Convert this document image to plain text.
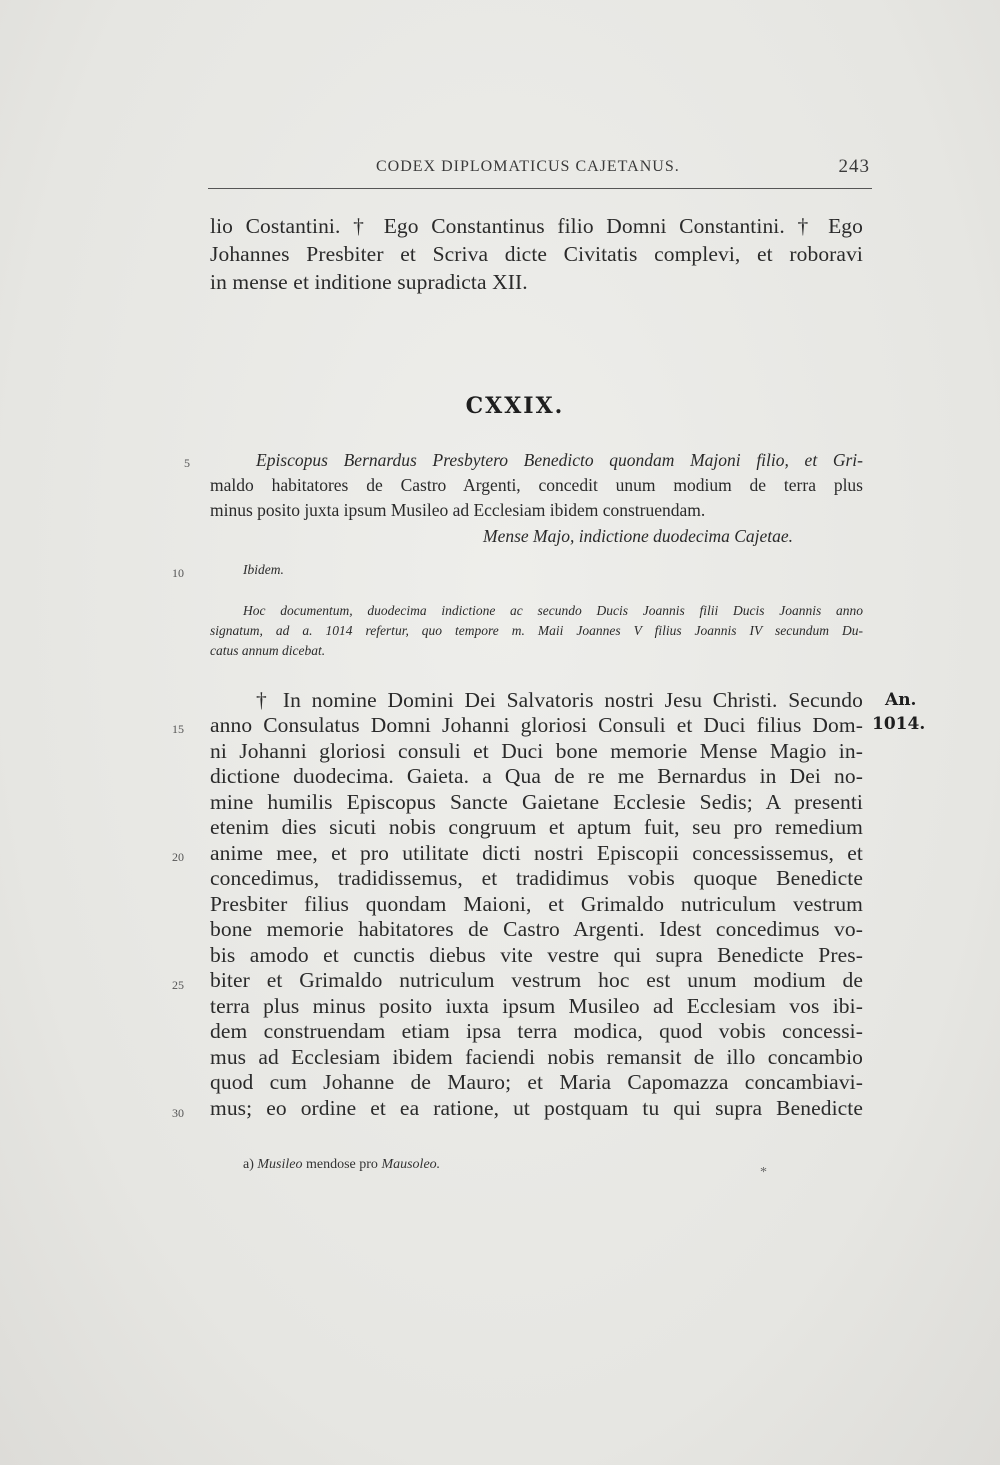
CODEX DIPLOMATICUS CAJETANUS.	243
lio Costantini. † Ego Constantinus filio Domni Constantini. † Ego
Johannes Presbiter et Scriva dicte Civitatis complevi, et roboravi
in mense et inditione supradicta XII.
CXXIX.
Episcopus Bernardus Presbytero Benedicto quondam Majoni filio, et Gri-
maldo habitatores de Castro Argenti, concedit unum modium de terra plus
minus posito juxta ipsum Musileo ad Ecclesiam ibidem construendam.
Mense Majo, indictione duodecima Cajetae.
Ibidem.
Hoc documentum, duodecima indictione ac secundo Ducis Joannis filii Ducis Joannis anno
signatum, ad a. 1014 refertur, quo tempore m. Maii Joannes V filius Joannis IV secundum Du-
catus annum dicebat.
† In nomine Domini Dei Salvatoris nostri Jesu Christi. Secundo
anno Consulatus Domni Johanni gloriosi Consuli et Duci filius Dom-
ni Johanni gloriosi consuli et Duci bone memorie Mense Magio in-
dictione duodecima. Gaieta. a Qua de re me Bernardus in Dei no-
mine humilis Episcopus Sancte Gaietane Ecclesie Sedis; A presenti
etenim dies sicuti nobis congruum et aptum fuit, seu pro remedium
anime mee, et pro utilitate dicti nostri Episcopii concessissemus, et
concedimus, tradidissemus, et tradidimus vobis quoque Benedicte
Presbiter filius quondam Maioni, et Grimaldo nutriculum vestrum
bone memorie habitatores de Castro Argenti. Idest concedimus vo-
bis amodo et cunctis diebus vite vestre qui supra Benedicte Pres-
biter et Grimaldo nutriculum vestrum hoc est unum modium de
terra plus minus posito iuxta ipsum Musileo ad Ecclesiam vos ibi-
dem construendam etiam ipsa terra modica, quod vobis concessi-
mus ad Ecclesiam ibidem faciendi nobis remansit de illo concambio
quod cum Johanne de Mauro; et Maria Capomazza concambiavi-
mus; eo ordine et ea ratione, ut postquam tu qui supra Benedicte
5
10
15
20
25
30
An.
1014.
a) Musileo mendose pro Mausoleo.
*
